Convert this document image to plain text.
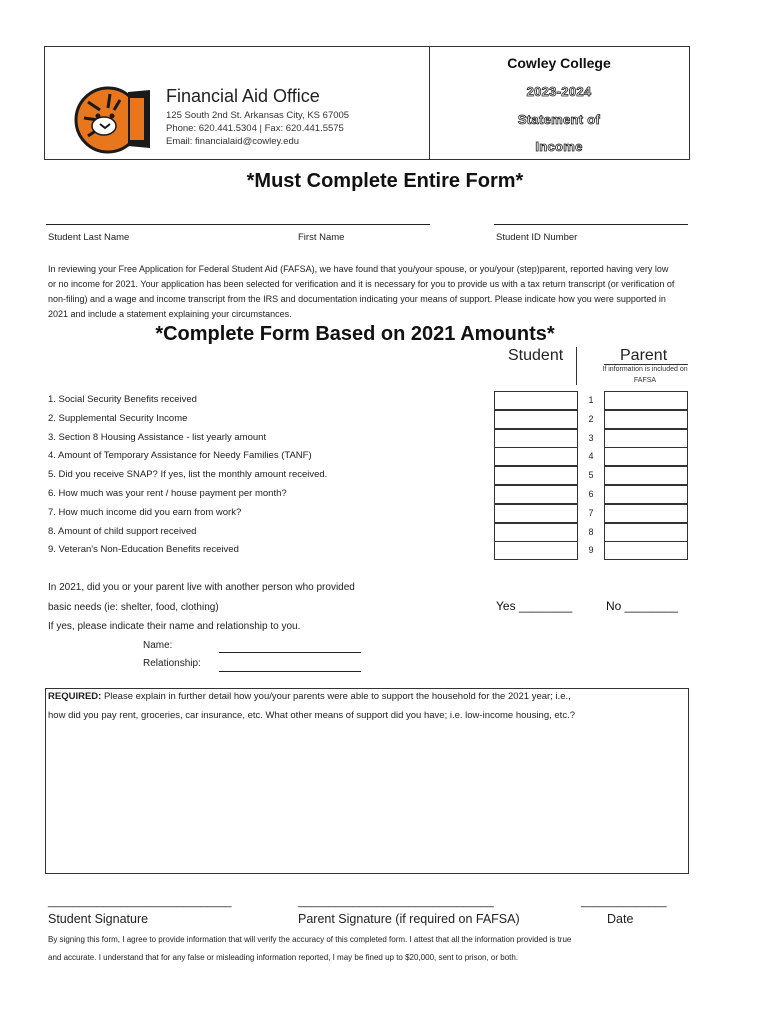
Financial Aid Office
125 South 2nd St. Arkansas City, KS 67005
Phone: 620.441.5304 | Fax: 620.441.5575
Email: financialaid@cowley.edu
Cowley College
2023-2024
Statement of
Income
*Must Complete Entire Form*
Student Last Name	First Name	Student ID Number
In reviewing your Free Application for Federal Student Aid (FAFSA), we have found that you/your spouse, or you/your (step)parent, reported having very low or no income for 2021. Your application has been selected for verification and it is necessary for you to provide us with a tax return transcript (or verification of non-filing) and a wage and income transcript from the IRS and documentation indicating your means of support. Please indicate how you were supported in 2021 and include a statement explaining your circumstances.
*Complete Form Based on 2021 Amounts*
Student	Parent
If information is included on FAFSA
1. Social Security Benefits received	1
2. Supplemental Security Income	2
3. Section 8 Housing Assistance - list yearly amount	3
4. Amount of Temporary Assistance for Needy Families (TANF)	4
5. Did you receive SNAP? If yes, list the monthly amount received.	5
6. How much was your rent / house payment per month?	6
7. How much income did you earn from work?	7
8. Amount of child support received	8
9. Veteran's Non-Education Benefits received	9
In 2021, did you or your parent live with another person who provided
basic needs (ie: shelter, food, clothing)	Yes ________	No ________
If yes, please indicate their name and relationship to you.
Name:
Relationship:
REQUIRED: Please explain in further detail how you/your parents were able to support the household for the 2021 year; i.e.,
how did you pay rent, groceries, car insurance, etc. What other means of support did you have; i.e. low-income housing, etc.?
______________________________	________________________________	______________
Student Signature	Parent Signature (if required on FAFSA)	Date
By signing this form, I agree to provide information that will verify the accuracy of this completed form. I attest that all the information provided is true
and accurate. I understand that for any false or misleading information reported, I may be fined up to $20,000, sent to prison, or both.
